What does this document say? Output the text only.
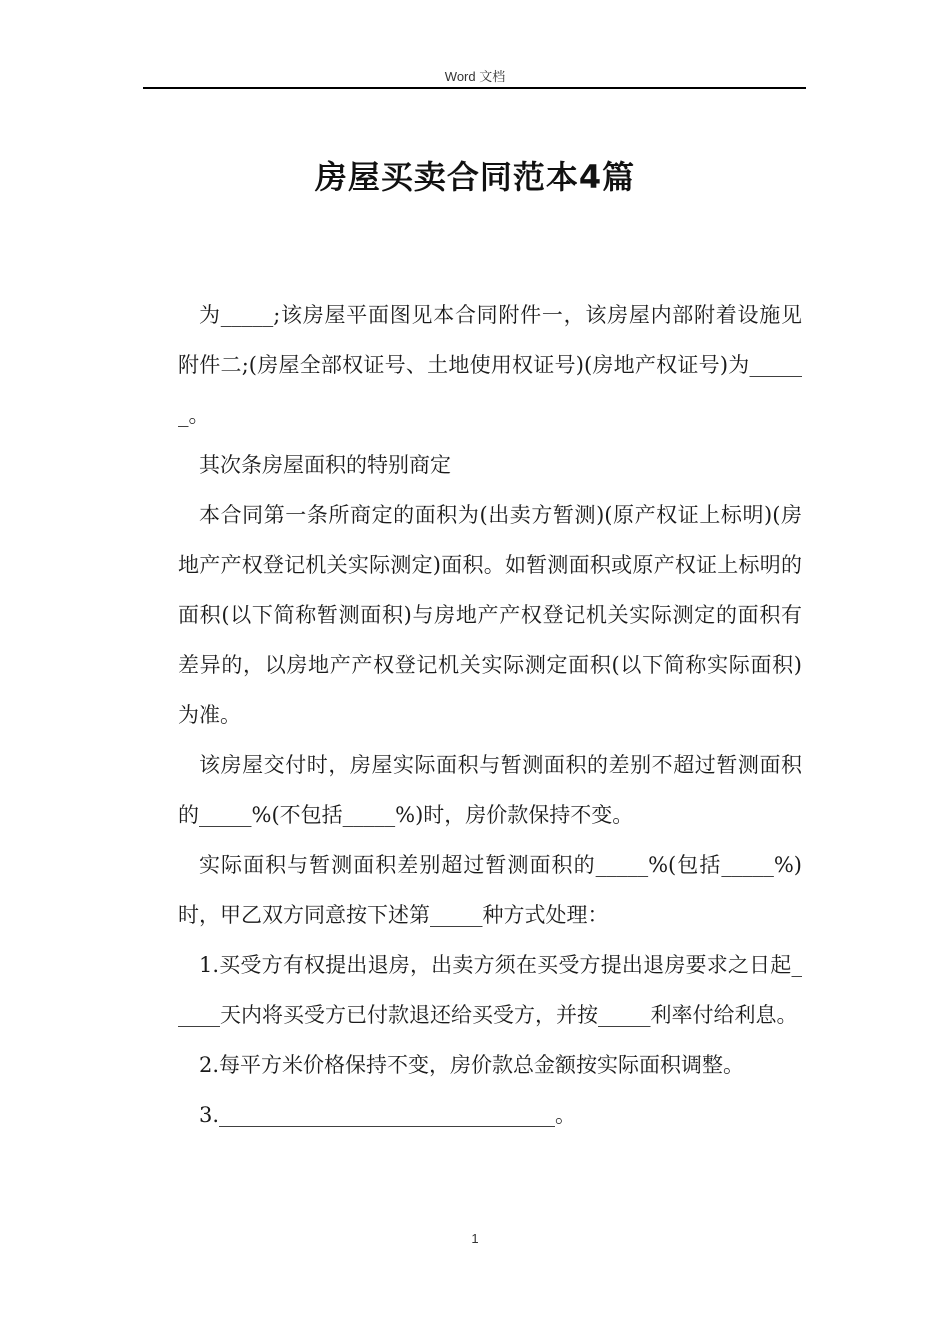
Word 文档
房屋买卖合同范本4篇

为_____;该房屋平面图见本合同附件一，该房屋内部附着设施见附件二;(房屋全部权证号、土地使用权证号)(房地产权证号)为______。

其次条房屋面积的特别商定

本合同第一条所商定的面积为(出卖方暂测)(原产权证上标明)(房地产产权登记机关实际测定)面积。如暂测面积或原产权证上标明的面积(以下简称暂测面积)与房地产产权登记机关实际测定的面积有差异的，以房地产产权登记机关实际测定面积(以下简称实际面积)为准。

该房屋交付时，房屋实际面积与暂测面积的差别不超过暂测面积的_____%(不包括_____%)时，房价款保持不变。

实际面积与暂测面积差别超过暂测面积的_____%(包括_____%)时，甲乙双方同意按下述第_____种方式处理：

1.买受方有权提出退房，出卖方须在买受方提出退房要求之日起_____天内将买受方已付款退还给买受方，并按_____利率付给利息。

2.每平方米价格保持不变，房价款总金额按实际面积调整。

3.________________________________。

1
